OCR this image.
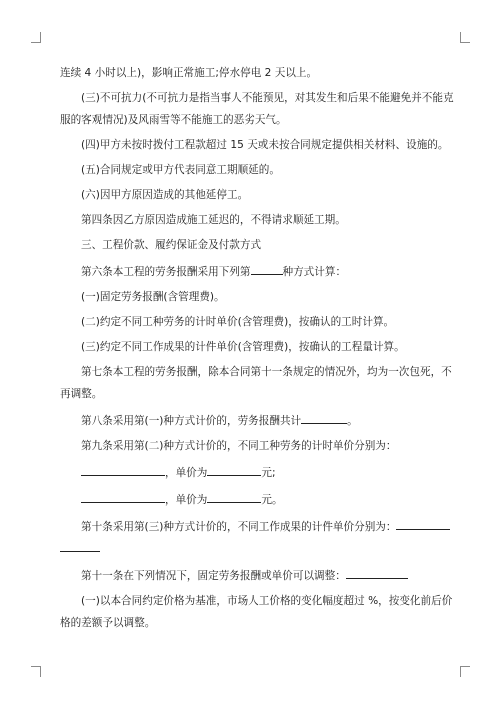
连续 4 小时以上)，影响正常施工;停水停电 2 天以上。

(三)不可抗力(不可抗力是指当事人不能预见，对其发生和后果不能避免并不能克

服的客观情况)及风雨雪等不能施工的恶劣天气。

(四)甲方未按时拨付工程款超过 15 天或未按合同规定提供相关材料、设施的。

(五)合同规定或甲方代表同意工期顺延的。

(六)因甲方原因造成的其他延停工。

第四条因乙方原因造成施工延迟的，不得请求顺延工期。

三、工程价款、履约保证金及付款方式

第六条本工程的劳务报酬采用下列第	种方式计算：

(一)固定劳务报酬(含管理费)。

(二)约定不同工种劳务的计时单价(含管理费)，按确认的工时计算。

(三)约定不同工作成果的计件单价(含管理费)，按确认的工程量计算。

第七条本工程的劳务报酬，除本合同第十一条规定的情况外，均为一次包死，不

再调整。

第八条采用第(一)种方式计价的，劳务报酬共计	。

第九条采用第(二)种方式计价的，不同工种劳务的计时单价分别为：

，单价为	元;

，单价为	元。

第十条采用第(三)种方式计价的，不同工作成果的计件单价分别为：

第十一条在下列情况下，固定劳务报酬或单价可以调整：

(一)以本合同约定价格为基准，市场人工价格的变化幅度超过 %，按变化前后价

格的差额予以调整。
